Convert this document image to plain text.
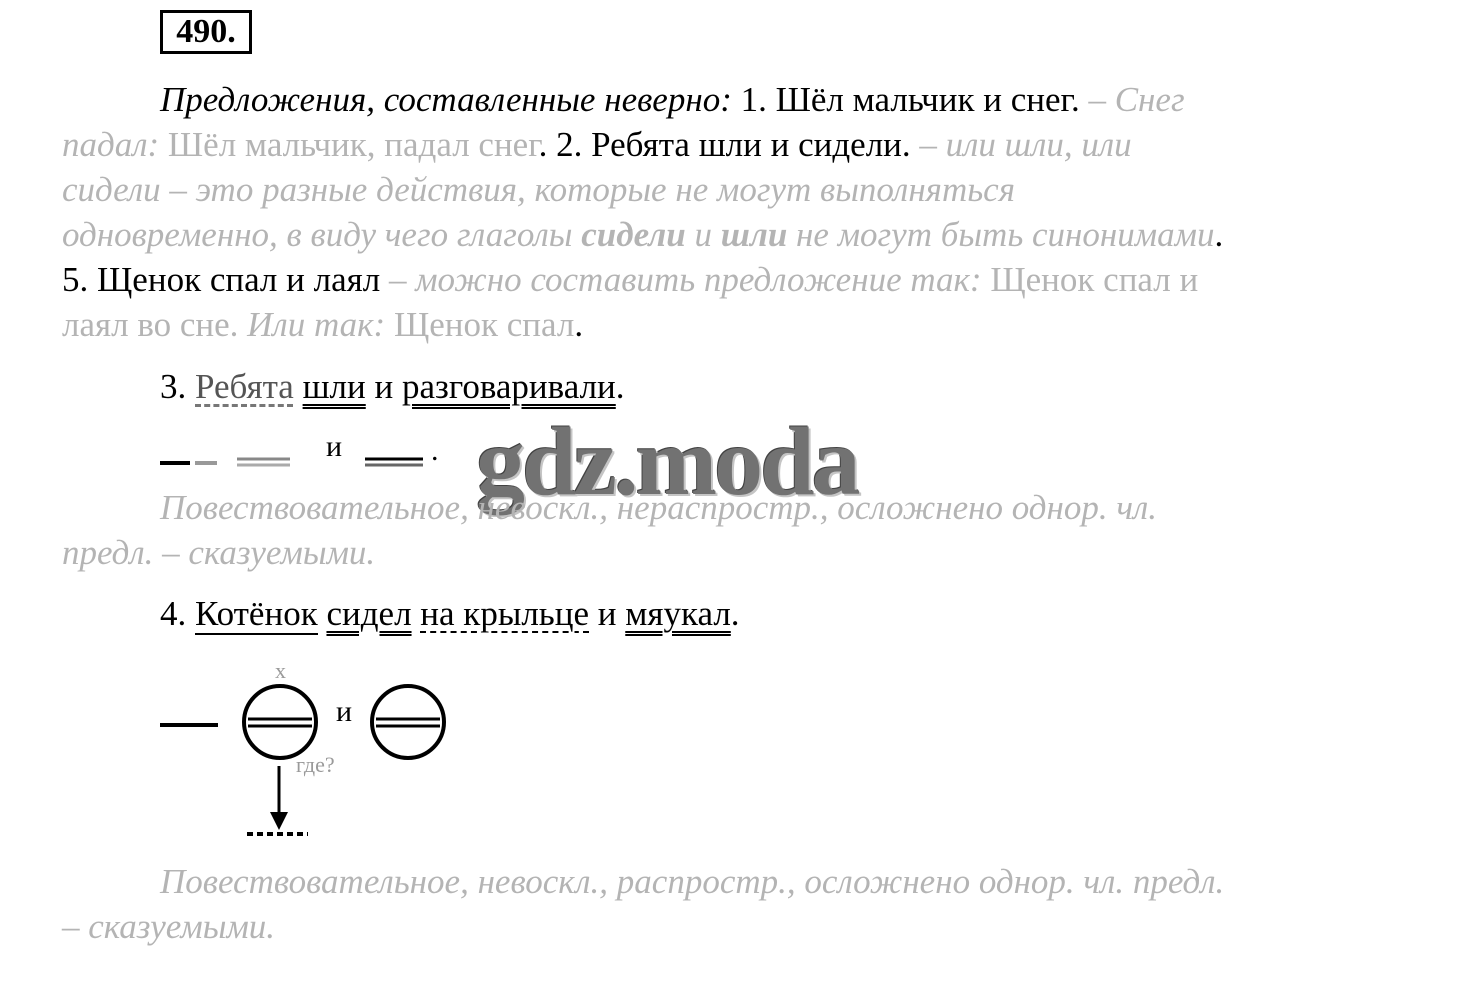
490.
Предложения, составленные неверно: 1. Шёл мальчик и снег. – Снег
падал: Шёл мальчик, падал снег. 2. Ребята шли и сидели. – или шли, или
сидели – это разные действия, которые не могут выполняться
одновременно, в виду чего глаголы сидели и шли не могут быть синонимами.
5. Щенок спал и лаял – можно составить предложение так: Щенок спал и
лаял во сне. Или так: Щенок спал.
3. Ребята шли и разговаривали.
и	. gdz.moda
Повествовательное, невоскл., нераспростр., осложнено однор. чл.
предл. – сказуемыми.
4. Котёнок сидел на крыльце и мяукал.
х
и
где?
Повествовательное, невоскл., распростр., осложнено однор. чл. предл.
– сказуемыми.
